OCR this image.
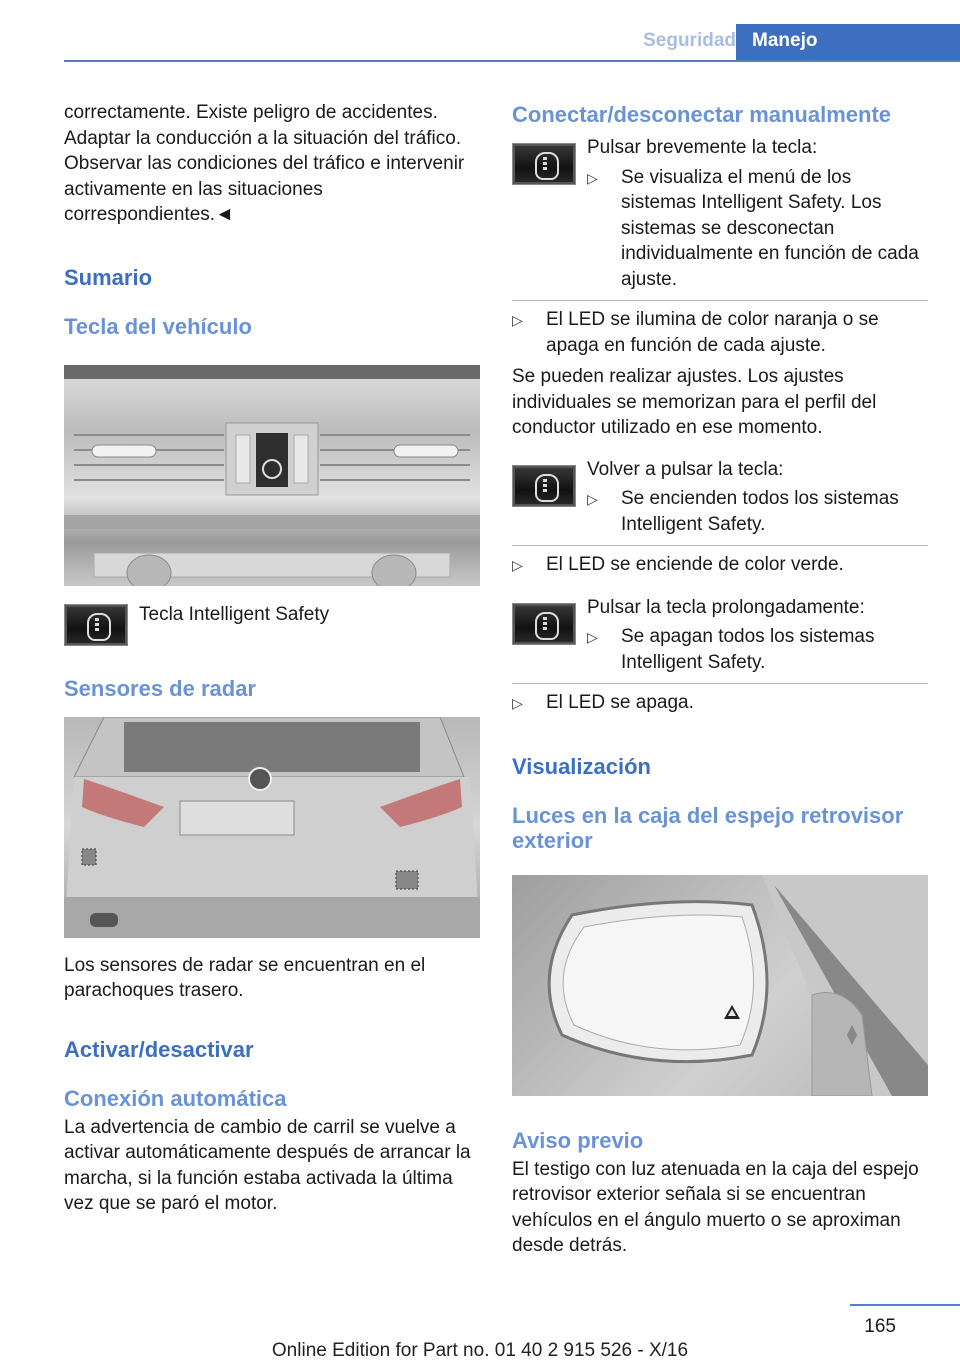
Seguridad Manejo

correctamente. Existe peligro de accidentes. Adaptar la conducción a la situación del tráfico. Observar las condiciones del tráfico e intervenir activamente en las situaciones correspondientes.◄

Sumario
Tecla del vehículo

Tecla Intelligent Safety

Sensores de radar

Los sensores de radar se encuentran en el parachoques trasero.

Activar/desactivar
Conexión automática

La advertencia de cambio de carril se vuelve a activar automáticamente después de arrancar la marcha, si la función estaba activada la última vez que se paró el motor.

Conectar/desconectar manualmente

Pulsar brevemente la tecla:

▷	Se visualiza el menú de los sistemas Intelligent Safety. Los sistemas se desconectan individualmente en función de cada ajuste.
▷	El LED se ilumina de color naranja o se apaga en función de cada ajuste.

Se pueden realizar ajustes. Los ajustes individuales se memorizan para el perfil del conductor utilizado en ese momento.

Volver a pulsar la tecla:

▷	Se encienden todos los sistemas Intelligent Safety.
▷	El LED se enciende de color verde.

Pulsar la tecla prolongadamente:

▷	Se apagan todos los sistemas Intelligent Safety.
▷	El LED se apaga.
Visualización
Luces en la caja del espejo retrovisor exterior
Aviso previo

El testigo con luz atenuada en la caja del espejo retrovisor exterior señala si se encuentran vehículos en el ángulo muerto o se aproximan desde detrás.

165
Online Edition for Part no. 01 40 2 915 526 - X/16
